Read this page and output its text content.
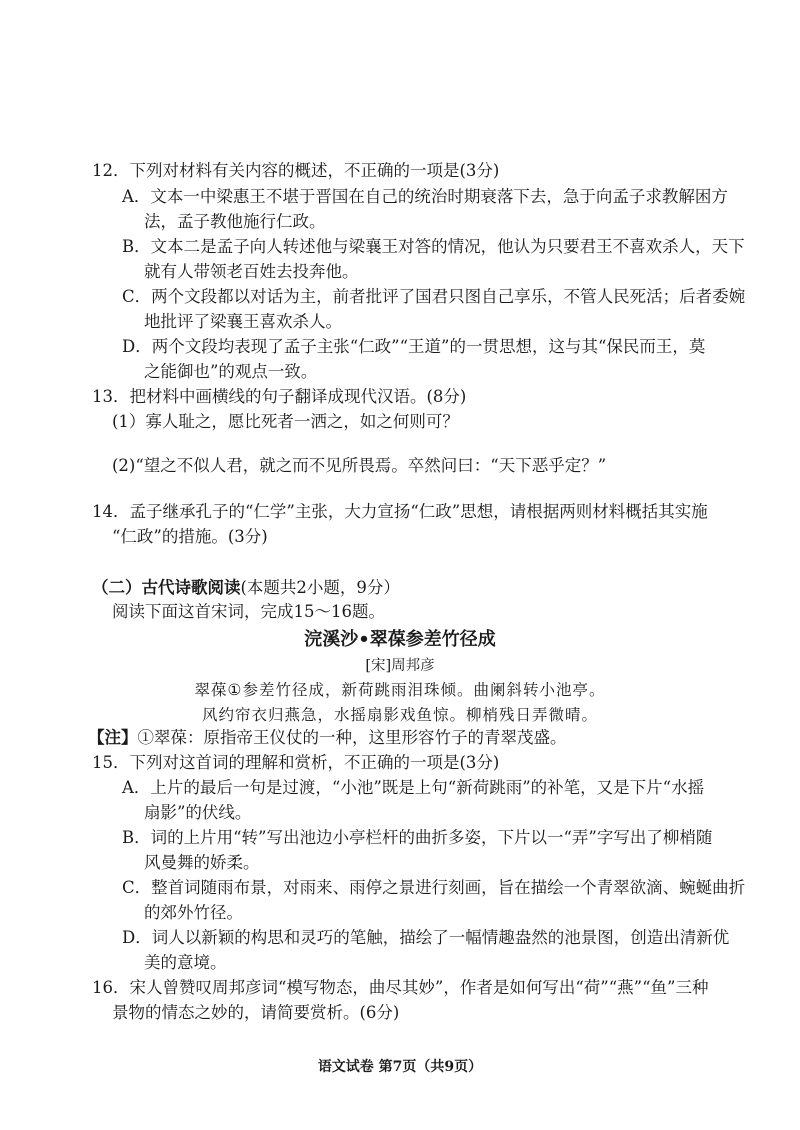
12．下列对材料有关内容的概述，不正确的一项是(3分)

A．文本一中梁惠王不堪于晋国在自己的统治时期衰落下去，急于向孟子求教解困方

法，孟子教他施行仁政。

B．文本二是孟子向人转述他与梁襄王对答的情况，他认为只要君王不喜欢杀人，天下

就有人带领老百姓去投奔他。

C．两个文段都以对话为主，前者批评了国君只图自己享乐，不管人民死活；后者委婉

地批评了梁襄王喜欢杀人。

D．两个文段均表现了孟子主张“仁政”“王道”的一贯思想，这与其“保民而王，莫

之能御也”的观点一致。

13．把材料中画横线的句子翻译成现代汉语。(8分)

(1）寡人耻之，愿比死者一洒之，如之何则可？

(2)“望之不似人君，就之而不见所畏焉。卒然问曰：“天下恶乎定？”

14．孟子继承孔子的“仁学”主张，大力宣扬“仁政”思想，请根据两则材料概括其实施

“仁政”的措施。(3分)

（二）古代诗歌阅读(本题共2小题，9分）

阅读下面这首宋词，完成15～16题。

浣溪沙•翠葆参差竹径成

[宋]周邦彦

翠葆①参差竹径成，新荷跳雨泪珠倾。曲阑斜转小池亭。

风约帘衣归燕急，水摇扇影戏鱼惊。柳梢残日弄微晴。

【注】①翠葆：原指帝王仪仗的一种，这里形容竹子的青翠茂盛。

15．下列对这首词的理解和赏析，不正确的一项是(3分)

A．上片的最后一句是过渡，“小池”既是上句“新荷跳雨”的补笔，又是下片“水摇

扇影”的伏线。

B．词的上片用“转”写出池边小亭栏杆的曲折多姿，下片以一“弄”字写出了柳梢随

风曼舞的娇柔。

C．整首词随雨布景，对雨来、雨停之景进行刻画，旨在描绘一个青翠欲滴、蜿蜒曲折

的郊外竹径。

D．词人以新颖的构思和灵巧的笔触，描绘了一幅情趣盎然的池景图，创造出清新优

美的意境。

16．宋人曾赞叹周邦彦词“模写物态，曲尽其妙”，作者是如何写出“荷”“燕”“鱼”三种

景物的情态之妙的，请简要赏析。(6分)

语文试卷 第7页（共9页）
